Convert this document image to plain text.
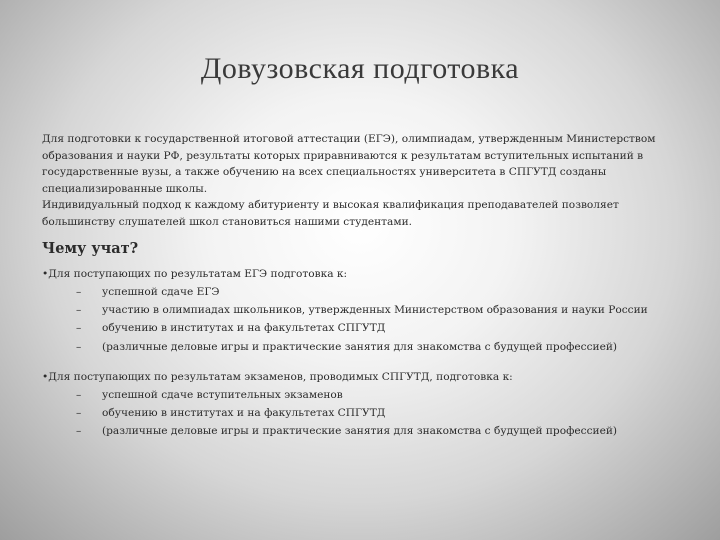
Довузовская подготовка

Для подготовки к государственной итоговой аттестации (ЕГЭ), олимпиадам, утвержденным Министерством образования и науки РФ, результаты которых приравниваются к результатам вступительных испытаний в государственные вузы, а также обучению на всех специальностях университета в СПГУТД созданы специализированные школы.

Индивидуальный подход к каждому абитуриенту и высокая квалификация преподавателей позволяет большинству слушателей школ становиться нашими студентами.

Чему учат?
•Для поступающих по результатам ЕГЭ подготовка к:
– успешной сдаче ЕГЭ
– участию в олимпиадах школьников, утвержденных Министерством образования и науки России
– обучению в институтах и на факультетах СПГУТД
– (различные деловые игры и практические занятия для знакомства с будущей профессией)
•Для поступающих по результатам экзаменов, проводимых СПГУТД, подготовка к:
– успешной сдаче вступительных экзаменов
– обучению в институтах и на факультетах СПГУТД
– (различные деловые игры и практические занятия для знакомства с будущей профессией)
